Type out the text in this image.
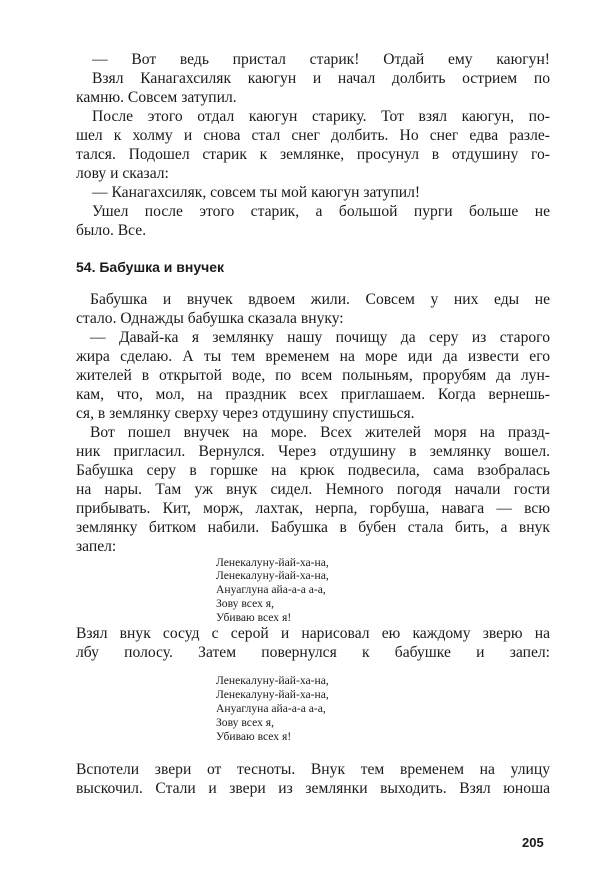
— Вот ведь пристал старик! Отдай ему каюгун!
Взял Канагахсиляк каюгун и начал долбить острием по
камню. Совсем затупил.
После этого отдал каюгун старику. Тот взял каюгун, по-
шел к холму и снова стал снег долбить. Но снег едва разле-
тался. Подошел старик к землянке, просунул в отдушину го-
лову и сказал:
— Канагахсиляк, совсем ты мой каюгун затупил!
Ушел после этого старик, а большой пурги больше не
было. Все.
54. Бабушка и внучек
Бабушка и внучек вдвоем жили. Совсем у них еды не
стало. Однажды бабушка сказала внуку:
— Давай-ка я землянку нашу почищу да серу из старого
жира сделаю. А ты тем временем на море иди да извести его
жителей в открытой воде, по всем полыньям, прорубям да лун-
кам, что, мол, на праздник всех приглашаем. Когда вернешь-
ся, в землянку сверху через отдушину спустишься.
Вот пошел внучек на море. Всех жителей моря на празд-
ник пригласил. Вернулся. Через отдушину в землянку вошел.
Бабушка серу в горшке на крюк подвесила, сама взобралась
на нары. Там уж внук сидел. Немного погодя начали гости
прибывать. Кит, морж, лахтак, нерпа, горбуша, навага — всю
землянку битком набили. Бабушка в бубен стала бить, а внук
запел:
Ленекалуну-йай-ха-на,
Ленекалуну-йай-ха-на,
Ануаглуна айа-а-а а-а,
Зову всех я,
Убиваю всех я!
Взял внук сосуд с серой и нарисовал ею каждому зверю на
лбу полосу. Затем повернулся к бабушке и запел:
Ленекалуну-йай-ха-на,
Ленекалуну-йай-ха-на,
Ануаглуна айа-а-а а-а,
Зову всех я,
Убиваю всех я!
Вспотели звери от тесноты. Внук тем временем на улицу
выскочил. Стали и звери из землянки выходить. Взял юноша
205
